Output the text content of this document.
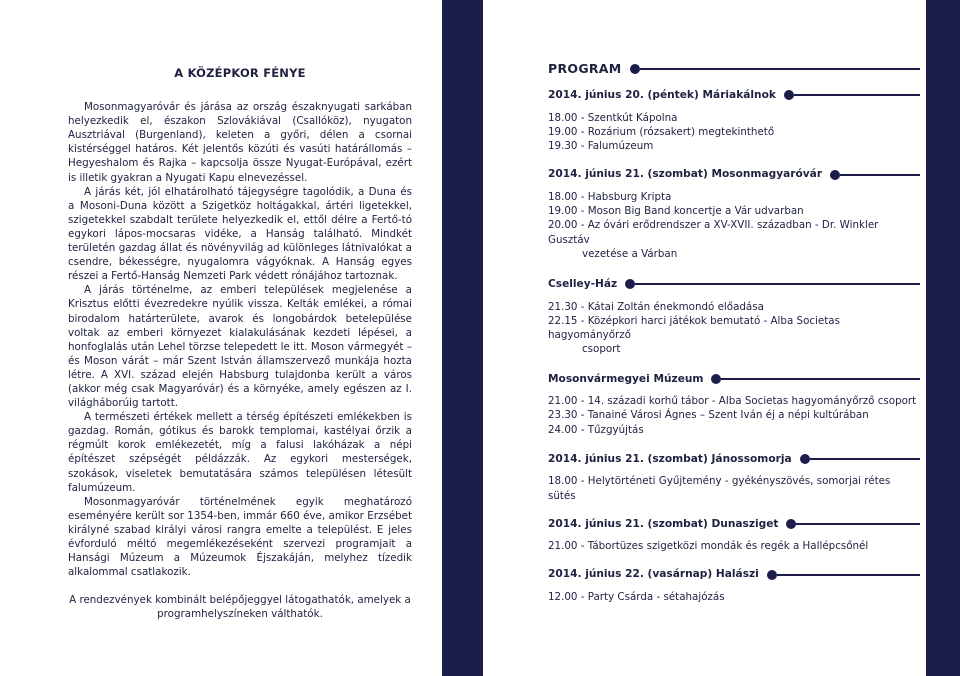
A KÖZÉPKOR FÉNYE

Mosonmagyaróvár és járása az ország északnyugati sarkában helyezkedik el, északon Szlovákiával (Csallóköz), nyugaton Ausztriával (Burgenland), keleten a győri, délen a csornai kistérséggel határos. Két jelentős közúti és vasúti határállomás – Hegyeshalom és Rajka – kapcsolja össze Nyugat-Európával, ezért is illetik gyakran a Nyugati Kapu elnevezéssel.

A járás két, jól elhatárolható tájegységre tagolódik, a Duna és a Mosoni-Duna között a Szigetköz holtágakkal, ártéri ligetekkel, szigetekkel szabdalt területe helyezkedik el, ettől délre a Fertő-tó egykori lápos-mocsaras vidéke, a Hanság található. Mindkét területén gazdag állat és növényvilág ad különleges látnivalókat a csendre, békességre, nyugalomra vágyóknak. A Hanság egyes részei a Fertő-Hanság Nemzeti Park védett rónájához tartoznak.

A járás történelme, az emberi települések megjelenése a Krisztus előtti évezredekre nyúlik vissza. Kelták emlékei, a római birodalom határterülete, avarok és longobárdok betelepülése voltak az emberi környezet kialakulásának kezdeti lépései, a honfoglalás után Lehel törzse telepedett le itt. Moson vármegyét – és Moson várát – már Szent István államszervező munkája hozta létre. A XVI. század elején Habsburg tulajdonba került a város (akkor még csak Magyaróvár) és a környéke, amely egészen az I. világháborúig tartott.

A természeti értékek mellett a térség építészeti emlékekben is gazdag. Román, gótikus és barokk templomai, kastélyai őrzik a régmúlt korok emlékezetét, míg a falusi lakóházak a népi építészet szépségét példázzák. Az egykori mesterségek, szokások, viseletek bemutatására számos településen létesült falumúzeum.

Mosonmagyaróvár történelmének egyik meghatározó eseményére került sor 1354-ben, immár 660 éve, amikor Erzsébet királyné szabad királyi városi rangra emelte a települést. E jeles évforduló méltó megemlékezéseként szervezi programjait a Hansági Múzeum a Múzeumok Éjszakáján, melyhez tízedik alkalommal csatlakozik.

A rendezvények kombinált belépőjeggyel látogathatók, amelyek a programhelyszíneken válthatók.

PROGRAM
2014. június 20. (péntek) Máriakálnok
18.00 - Szentkút Kápolna
19.00 - Rozárium (rózsakert) megtekinthető
19.30 - Falumúzeum
2014. június 21. (szombat) Mosonmagyaróvár
18.00 - Habsburg Kripta
19.00 - Moson Big Band koncertje a Vár udvarban
20.00 - Az óvári erődrendszer a XV-XVII. században - Dr. Winkler Gusztáv
vezetése a Várban
Cselley-Ház
21.30 - Kátai Zoltán énekmondó előadása
22.15 - Középkori harci játékok bemutató - Alba Societas hagyományőrző
csoport
Mosonvármegyei Múzeum
21.00 - 14. századi korhű tábor - Alba Societas hagyományőrző csoport
23.30 - Tanainé Városi Ágnes – Szent Iván éj a népi kultúrában
24.00 - Tűzgyújtás
2014. június 21. (szombat) Jánossomorja
18.00 - Helytörténeti Gyűjtemény - gyékényszövés, somorjai rétes sütés
2014. június 21. (szombat) Dunasziget
21.00 - Tábortüzes szigetközi mondák és regék a Hallépcsőnél
2014. június 22. (vasárnap) Halászi
12.00 - Party Csárda - sétahajózás
